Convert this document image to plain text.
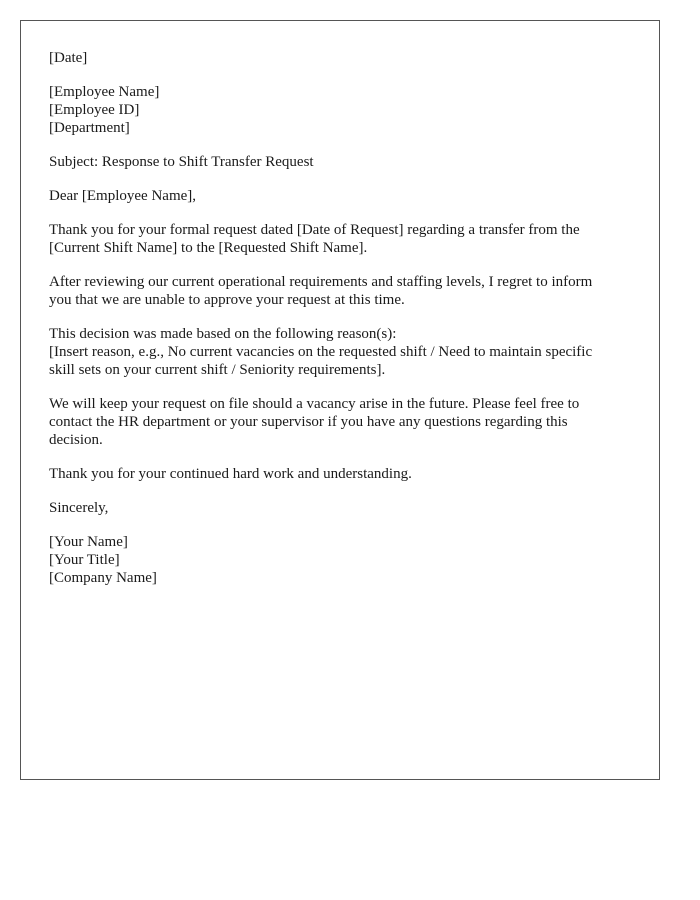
[Date]
[Employee Name]
[Employee ID]
[Department]

Subject: Response to Shift Transfer Request

Dear [Employee Name],

Thank you for your formal request dated [Date of Request] regarding a transfer from the
[Current Shift Name] to the [Requested Shift Name].

After reviewing our current operational requirements and staffing levels, I regret to inform
you that we are unable to approve your request at this time.

This decision was made based on the following reason(s):
[Insert reason, e.g., No current vacancies on the requested shift / Need to maintain specific
skill sets on your current shift / Seniority requirements].

We will keep your request on file should a vacancy arise in the future. Please feel free to
contact the HR department or your supervisor if you have any questions regarding this
decision.

Thank you for your continued hard work and understanding.

Sincerely,

[Your Name]
[Your Title]
[Company Name]
